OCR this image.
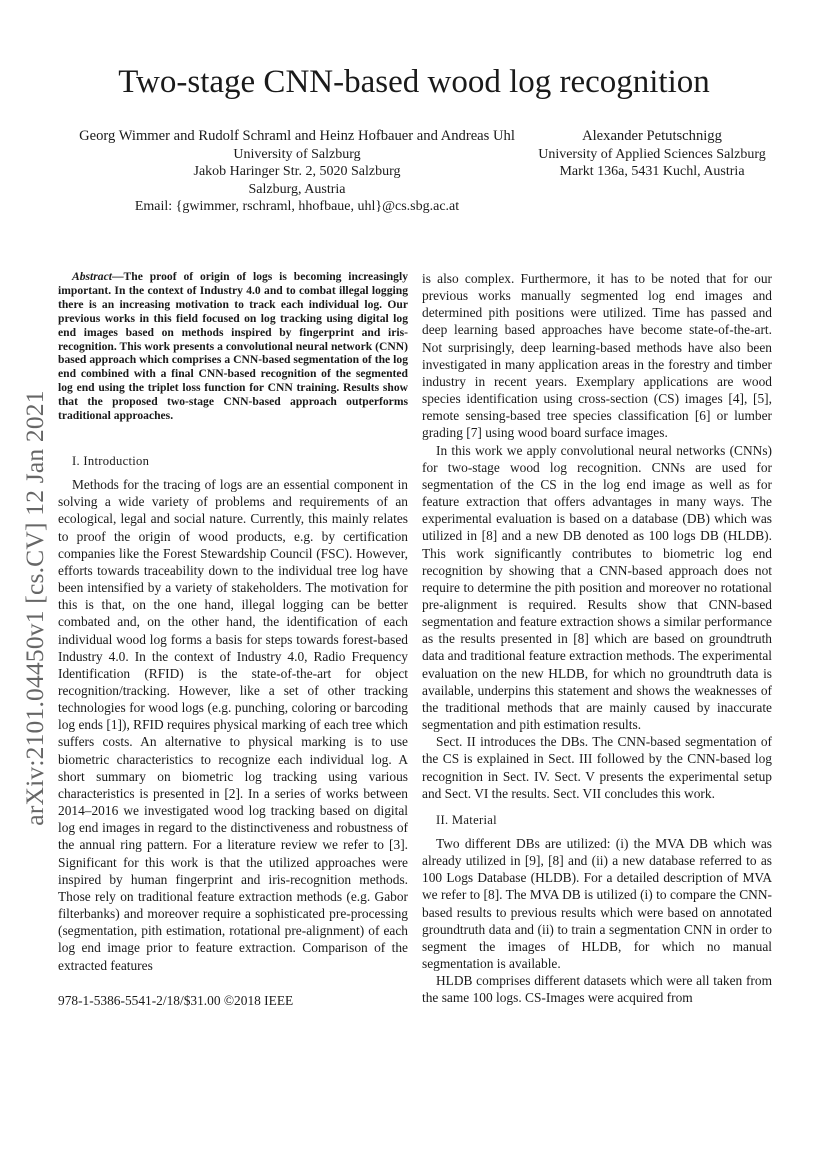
arXiv:2101.04450v1 [cs.CV] 12 Jan 2021
Two-stage CNN-based wood log recognition
Georg Wimmer and Rudolf Schraml and Heinz Hofbauer and Andreas Uhl
University of Salzburg
Jakob Haringer Str. 2, 5020 Salzburg
Salzburg, Austria
Email: {gwimmer, rschraml, hhofbaue, uhl}@cs.sbg.ac.at
Alexander Petutschnigg
University of Applied Sciences Salzburg
Markt 136a, 5431 Kuchl, Austria

Abstract—The proof of origin of logs is becoming increasingly important. In the context of Industry 4.0 and to combat illegal logging there is an increasing motivation to track each individual log. Our previous works in this field focused on log tracking using digital log end images based on methods inspired by fingerprint and iris-recognition. This work presents a convolutional neural network (CNN) based approach which comprises a CNN-based segmentation of the log end combined with a final CNN-based recognition of the segmented log end using the triplet loss function for CNN training. Results show that the proposed two-stage CNN-based approach outperforms traditional approaches.

I. Introduction

Methods for the tracing of logs are an essential component in solving a wide variety of problems and requirements of an ecological, legal and social nature. Currently, this mainly relates to proof the origin of wood products, e.g. by certification companies like the Forest Stewardship Council (FSC). However, efforts towards traceability down to the individual tree log have been intensified by a variety of stakeholders. The motivation for this is that, on the one hand, illegal logging can be better combated and, on the other hand, the identification of each individual wood log forms a basis for steps towards forest-based Industry 4.0. In the context of Industry 4.0, Radio Frequency Identification (RFID) is the state-of-the-art for object recognition/tracking. However, like a set of other tracking technologies for wood logs (e.g. punching, coloring or barcoding log ends [1]), RFID requires physical marking of each tree which suffers costs. An alternative to physical marking is to use biometric characteristics to recognize each individual log. A short summary on biometric log tracking using various characteristics is presented in [2]. In a series of works between 2014–2016 we investigated wood log tracking based on digital log end images in regard to the distinctiveness and robustness of the annual ring pattern. For a literature review we refer to [3]. Significant for this work is that the utilized approaches were inspired by human fingerprint and iris-recognition methods. Those rely on traditional feature extraction methods (e.g. Gabor filterbanks) and moreover require a sophisticated pre-processing (segmentation, pith estimation, rotational pre-alignment) of each log end image prior to feature extraction. Comparison of the extracted features

978-1-5386-5541-2/18/$31.00 ©2018 IEEE

is also complex. Furthermore, it has to be noted that for our previous works manually segmented log end images and determined pith positions were utilized. Time has passed and deep learning based approaches have become state-of-the-art. Not surprisingly, deep learning-based methods have also been investigated in many application areas in the forestry and timber industry in recent years. Exemplary applications are wood species identification using cross-section (CS) images [4], [5], remote sensing-based tree species classification [6] or lumber grading [7] using wood board surface images.

In this work we apply convolutional neural networks (CNNs) for two-stage wood log recognition. CNNs are used for segmentation of the CS in the log end image as well as for feature extraction that offers advantages in many ways. The experimental evaluation is based on a database (DB) which was utilized in [8] and a new DB denoted as 100 logs DB (HLDB). This work significantly contributes to biometric log end recognition by showing that a CNN-based approach does not require to determine the pith position and moreover no rotational pre-alignment is required. Results show that CNN-based segmentation and feature extraction shows a similar performance as the results presented in [8] which are based on groundtruth data and traditional feature extraction methods. The experimental evaluation on the new HLDB, for which no groundtruth data is available, underpins this statement and shows the weaknesses of the traditional methods that are mainly caused by inaccurate segmentation and pith estimation results.

Sect. II introduces the DBs. The CNN-based segmentation of the CS is explained in Sect. III followed by the CNN-based log recognition in Sect. IV. Sect. V presents the experimental setup and Sect. VI the results. Sect. VII concludes this work.

II. Material

Two different DBs are utilized: (i) the MVA DB which was already utilized in [9], [8] and (ii) a new database referred to as 100 Logs Database (HLDB). For a detailed description of MVA we refer to [8]. The MVA DB is utilized (i) to compare the CNN-based results to previous results which were based on annotated groundtruth data and (ii) to train a segmentation CNN in order to segment the images of HLDB, for which no manual segmentation is available.

HLDB comprises different datasets which were all taken from the same 100 logs. CS-Images were acquired from
